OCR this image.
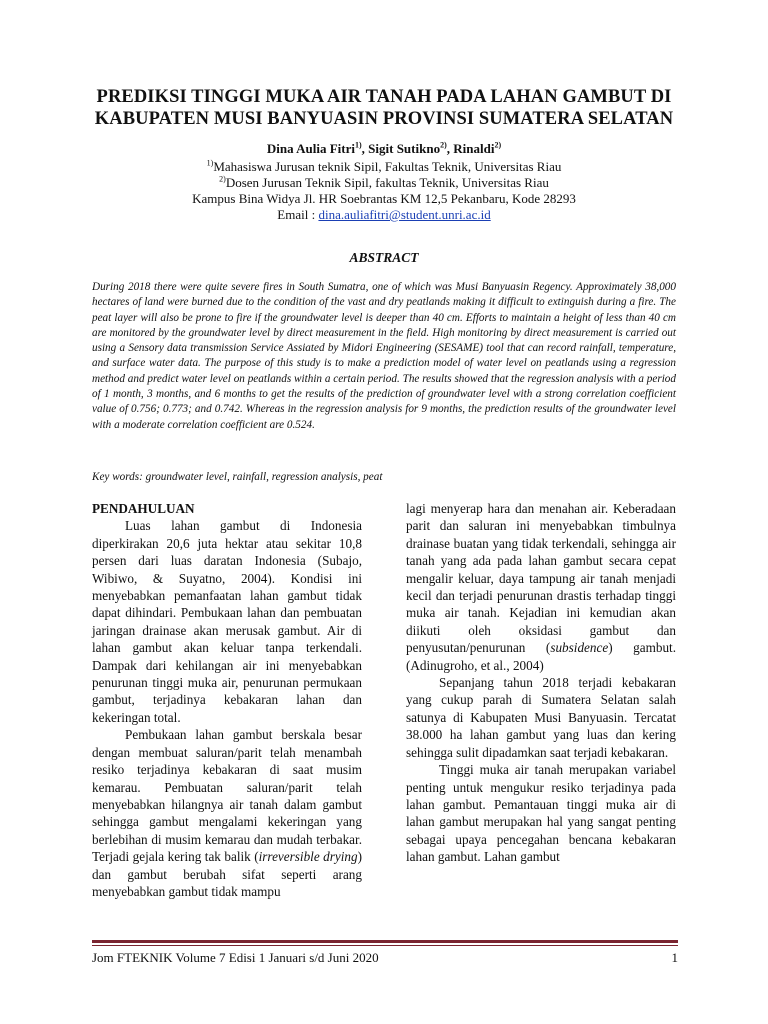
PREDIKSI TINGGI MUKA AIR TANAH PADA LAHAN GAMBUT DI KABUPATEN MUSI BANYUASIN PROVINSI SUMATERA SELATAN
Dina Aulia Fitri$^{1)}$, Sigit Sutikno$^{2)}$, Rinaldi$^{2)}$
$^{1)}$Mahasiswa Jurusan teknik Sipil, Fakultas Teknik, Universitas Riau
$^{2)}$Dosen Jurusan Teknik Sipil, fakultas Teknik, Universitas Riau
Kampus Bina Widya Jl. HR Soebrantas KM 12,5 Pekanbaru, Kode 28293
Email : dina.auliafitri@student.unri.ac.id
ABSTRACT
During 2018 there were quite severe fires in South Sumatra, one of which was Musi Banyuasin Regency. Approximately 38,000 hectares of land were burned due to the condition of the vast and dry peatlands making it difficult to extinguish during a fire. The peat layer will also be prone to fire if the groundwater level is deeper than 40 cm. Efforts to maintain a height of less than 40 cm are monitored by the groundwater level by direct measurement in the field. High monitoring by direct measurement is carried out using a Sensory data transmission Service Assiated by Midori Engineering (SESAME) tool that can record rainfall, temperature, and surface water data. The purpose of this study is to make a prediction model of water level on peatlands using a regression method and predict water level on peatlands within a certain period. The results showed that the regression analysis with a period of 1 month, 3 months, and 6 months to get the results of the prediction of groundwater level with a strong correlation coefficient value of 0.756; 0.773; and 0.742. Whereas in the regression analysis for 9 months, the prediction results of the groundwater level with a moderate correlation coefficient are 0.524.
Key words: groundwater level, rainfall, regression analysis, peat

PENDAHULUAN

Luas lahan gambut di Indonesia diperkirakan 20,6 juta hektar atau sekitar 10,8 persen dari luas daratan Indonesia (Subajo, Wibiwo, & Suyatno, 2004). Kondisi ini menyebabkan pemanfaatan lahan gambut tidak dapat dihindari. Pembukaan lahan dan pembuatan jaringan drainase akan merusak gambut. Air di lahan gambut akan keluar tanpa terkendali. Dampak dari kehilangan air ini menyebabkan penurunan tinggi muka air, penurunan permukaan gambut, terjadinya kebakaran lahan dan kekeringan total.

Pembukaan lahan gambut berskala besar dengan membuat saluran/parit telah menambah resiko terjadinya kebakaran di saat musim kemarau. Pembuatan saluran/parit telah menyebabkan hilangnya air tanah dalam gambut sehingga gambut mengalami kekeringan yang berlebihan di musim kemarau dan mudah terbakar. Terjadi gejala kering tak balik (irreversible drying) dan gambut berubah sifat seperti arang menyebabkan gambut tidak mampu

lagi menyerap hara dan menahan air. Keberadaan parit dan saluran ini menyebabkan timbulnya drainase buatan yang tidak terkendali, sehingga air tanah yang ada pada lahan gambut secara cepat mengalir keluar, daya tampung air tanah menjadi kecil dan terjadi penurunan drastis terhadap tinggi muka air tanah. Kejadian ini kemudian akan diikuti oleh oksidasi gambut dan penyusutan/penurunan (subsidence) gambut. (Adinugroho, et al., 2004)

Sepanjang tahun 2018 terjadi kebakaran yang cukup parah di Sumatera Selatan salah satunya di Kabupaten Musi Banyuasin. Tercatat 38.000 ha lahan gambut yang luas dan kering sehingga sulit dipadamkan saat terjadi kebakaran.

Tinggi muka air tanah merupakan variabel penting untuk mengukur resiko terjadinya pada lahan gambut. Pemantauan tinggi muka air di lahan gambut merupakan hal yang sangat penting sebagai upaya pencegahan bencana kebakaran lahan gambut. Lahan gambut

Jom FTEKNIK Volume 7 Edisi 1 Januari s/d Juni 2020	1
